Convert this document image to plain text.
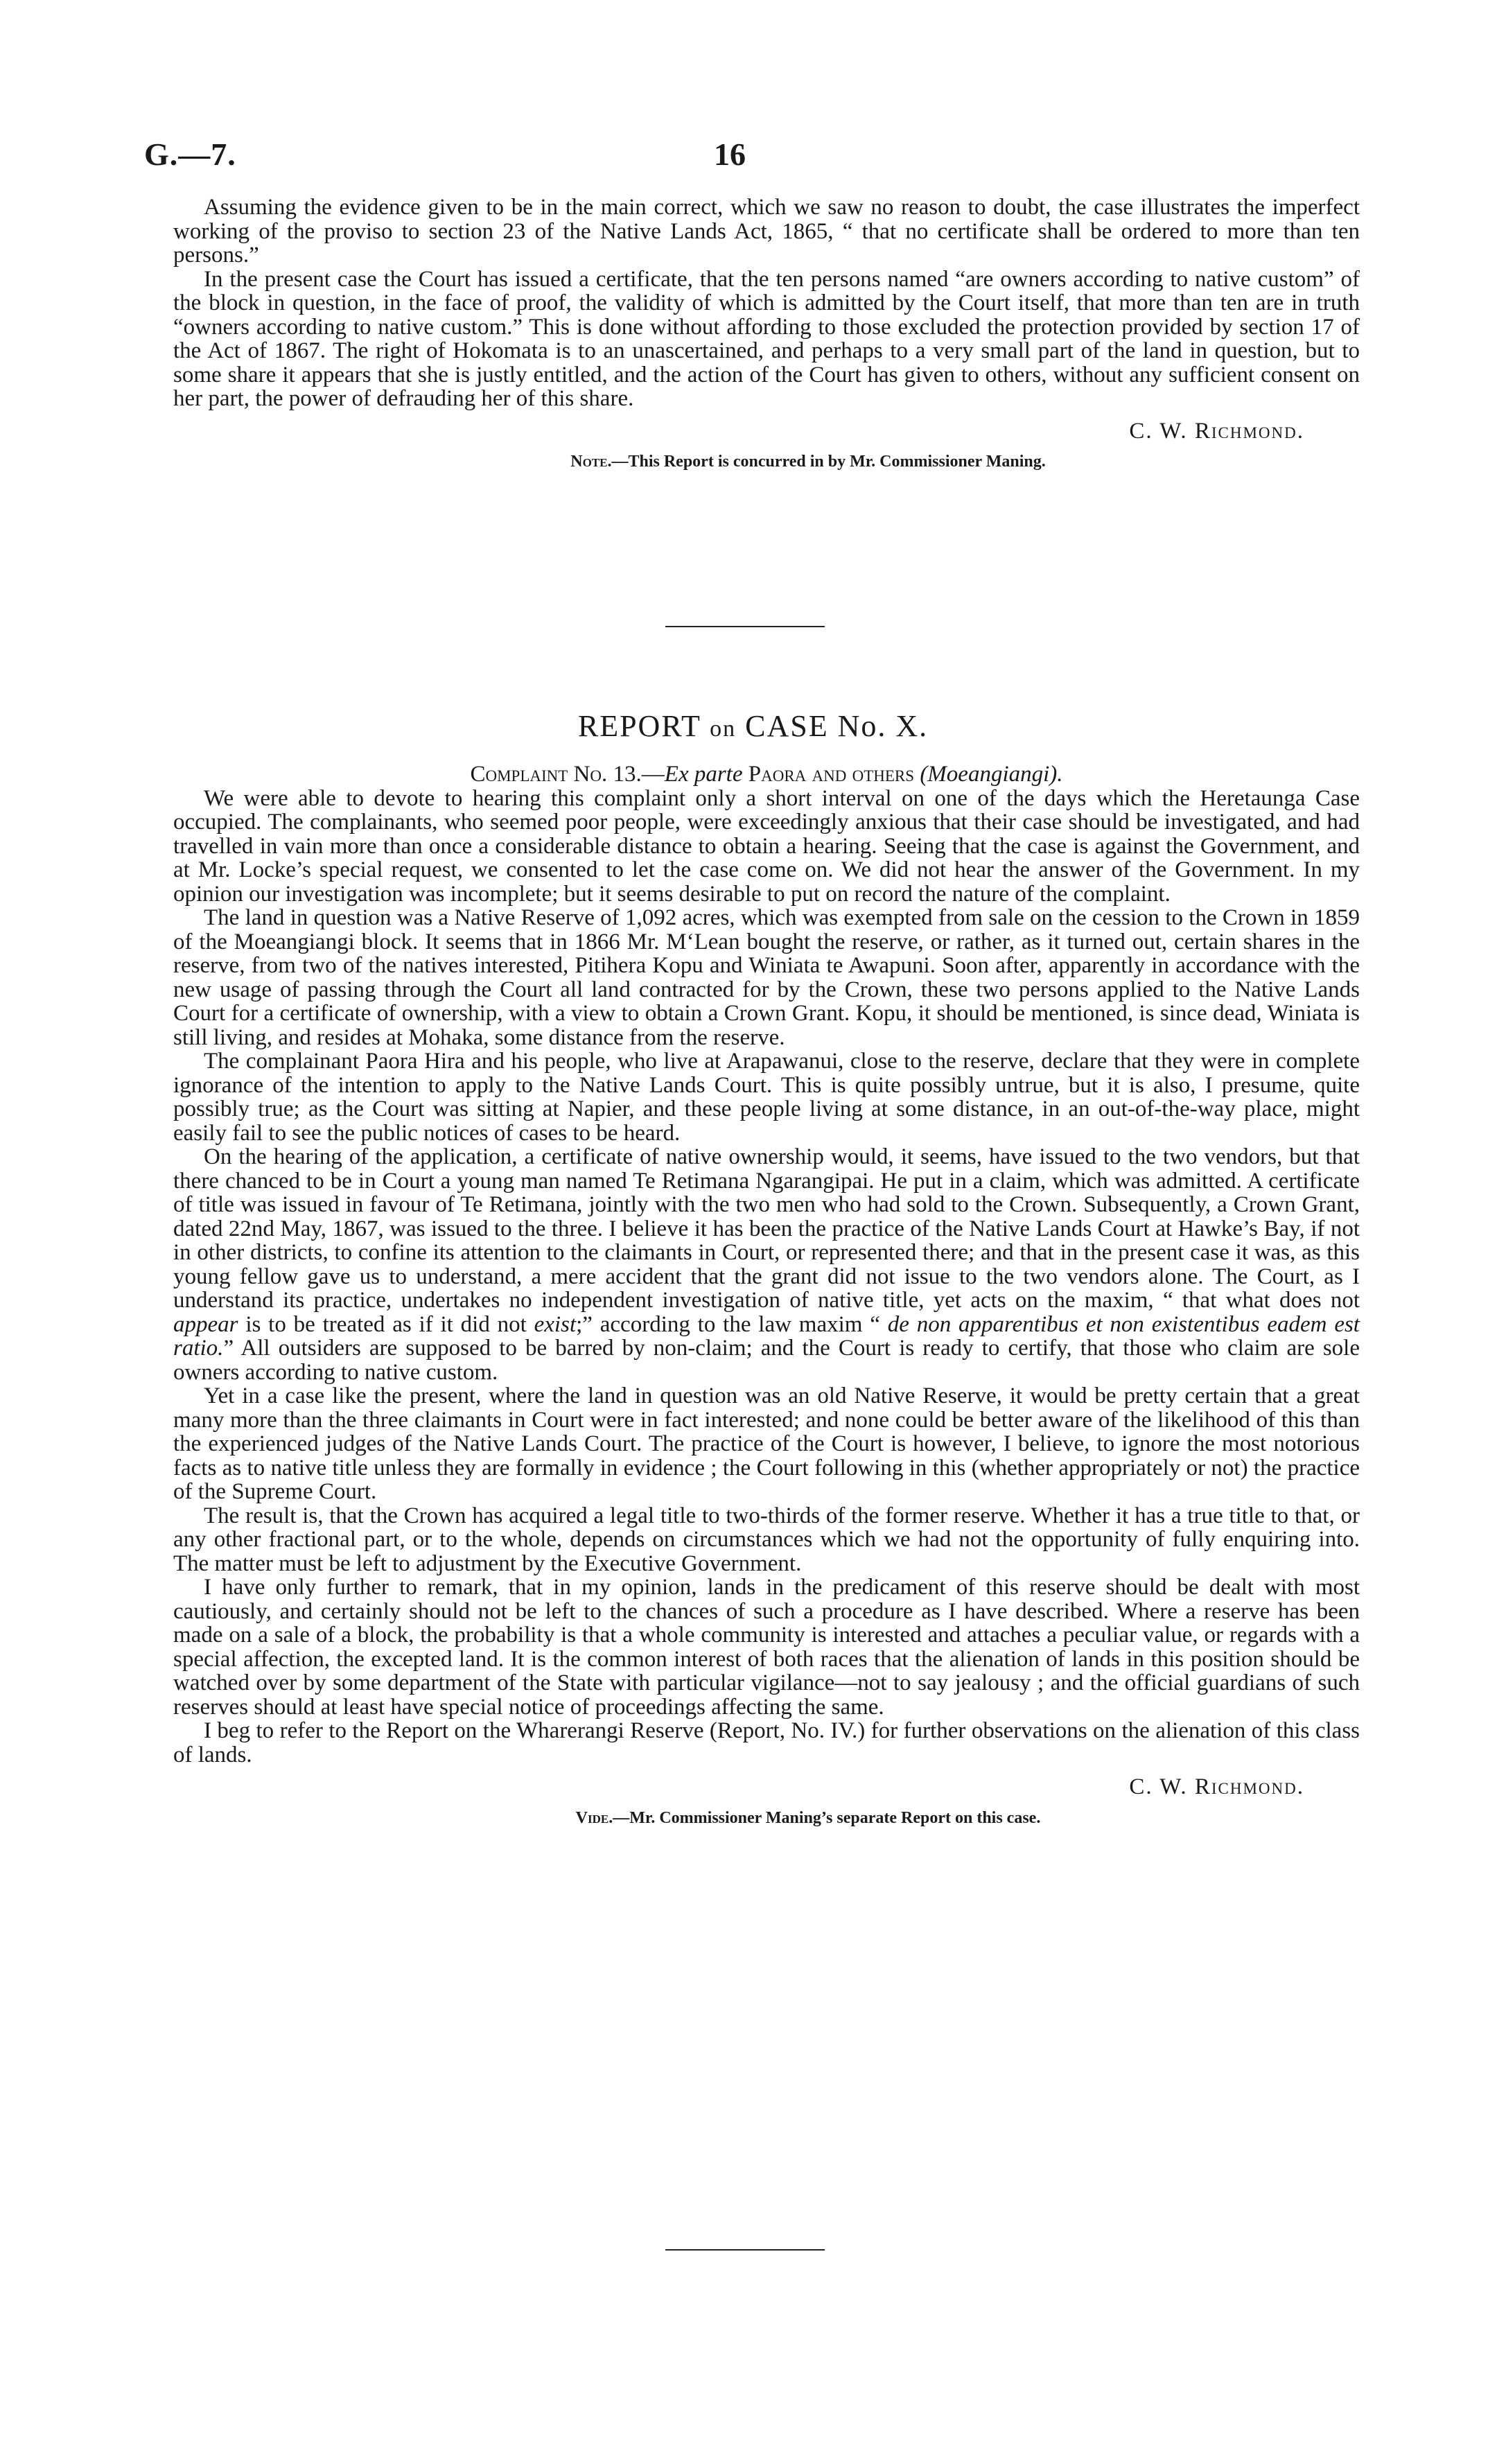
G.—7.	16

Assuming the evidence given to be in the main correct, which we saw no reason to doubt, the case illustrates the imperfect working of the proviso to section 23 of the Native Lands Act, 1865, “ that no certificate shall be ordered to more than ten persons.”

In the present case the Court has issued a certificate, that the ten persons named “are owners according to native custom” of the block in question, in the face of proof, the validity of which is admitted by the Court itself, that more than ten are in truth “owners according to native custom.” This is done without affording to those excluded the protection provided by section 17 of the Act of 1867. The right of Hokomata is to an unascertained, and perhaps to a very small part of the land in question, but to some share it appears that she is justly entitled, and the action of the Court has given to others, without any sufficient consent on her part, the power of defrauding her of this share.

C. W. Richmond.
Note.—This Report is concurred in by Mr. Commissioner Maning.
REPORT on CASE No. X.

Complaint No. 13.—Ex parte Paora and others (Moeangiangi).

We were able to devote to hearing this complaint only a short interval on one of the days which the Heretaunga Case occupied. The complainants, who seemed poor people, were exceedingly anxious that their case should be investigated, and had travelled in vain more than once a considerable distance to obtain a hearing. Seeing that the case is against the Government, and at Mr. Locke’s special request, we consented to let the case come on. We did not hear the answer of the Government. In my opinion our investigation was incomplete; but it seems desirable to put on record the nature of the complaint.

The land in question was a Native Reserve of 1,092 acres, which was exempted from sale on the cession to the Crown in 1859 of the Moeangiangi block. It seems that in 1866 Mr. M‘Lean bought the reserve, or rather, as it turned out, certain shares in the reserve, from two of the natives interested, Pitihera Kopu and Winiata te Awapuni. Soon after, apparently in accordance with the new usage of passing through the Court all land contracted for by the Crown, these two persons applied to the Native Lands Court for a certificate of ownership, with a view to obtain a Crown Grant. Kopu, it should be mentioned, is since dead, Winiata is still living, and resides at Mohaka, some distance from the reserve.

The complainant Paora Hira and his people, who live at Arapawanui, close to the reserve, declare that they were in complete ignorance of the intention to apply to the Native Lands Court. This is quite possibly untrue, but it is also, I presume, quite possibly true; as the Court was sitting at Napier, and these people living at some distance, in an out-of-the-way place, might easily fail to see the public notices of cases to be heard.

On the hearing of the application, a certificate of native ownership would, it seems, have issued to the two vendors, but that there chanced to be in Court a young man named Te Retimana Ngarangipai. He put in a claim, which was admitted. A certificate of title was issued in favour of Te Retimana, jointly with the two men who had sold to the Crown. Subsequently, a Crown Grant, dated 22nd May, 1867, was issued to the three. I believe it has been the practice of the Native Lands Court at Hawke’s Bay, if not in other districts, to confine its attention to the claimants in Court, or represented there; and that in the present case it was, as this young fellow gave us to understand, a mere accident that the grant did not issue to the two vendors alone. The Court, as I understand its practice, undertakes no independent investigation of native title, yet acts on the maxim, “ that what does not appear is to be treated as if it did not exist;” according to the law maxim “ de non apparentibus et non existentibus eadem est ratio.” All outsiders are supposed to be barred by non-claim; and the Court is ready to certify, that those who claim are sole owners according to native custom.

Yet in a case like the present, where the land in question was an old Native Reserve, it would be pretty certain that a great many more than the three claimants in Court were in fact interested; and none could be better aware of the likelihood of this than the experienced judges of the Native Lands Court. The practice of the Court is however, I believe, to ignore the most notorious facts as to native title unless they are formally in evidence ; the Court following in this (whether appropriately or not) the practice of the Supreme Court.

The result is, that the Crown has acquired a legal title to two-thirds of the former reserve. Whether it has a true title to that, or any other fractional part, or to the whole, depends on circumstances which we had not the opportunity of fully enquiring into. The matter must be left to adjustment by the Executive Government.

I have only further to remark, that in my opinion, lands in the predicament of this reserve should be dealt with most cautiously, and certainly should not be left to the chances of such a procedure as I have described. Where a reserve has been made on a sale of a block, the probability is that a whole community is interested and attaches a peculiar value, or regards with a special affection, the excepted land. It is the common interest of both races that the alienation of lands in this position should be watched over by some department of the State with particular vigilance—not to say jealousy ; and the official guardians of such reserves should at least have special notice of proceedings affecting the same.

I beg to refer to the Report on the Wharerangi Reserve (Report, No. IV.) for further observations on the alienation of this class of lands.

C. W. Richmond.
Vide.—Mr. Commissioner Maning’s separate Report on this case.
